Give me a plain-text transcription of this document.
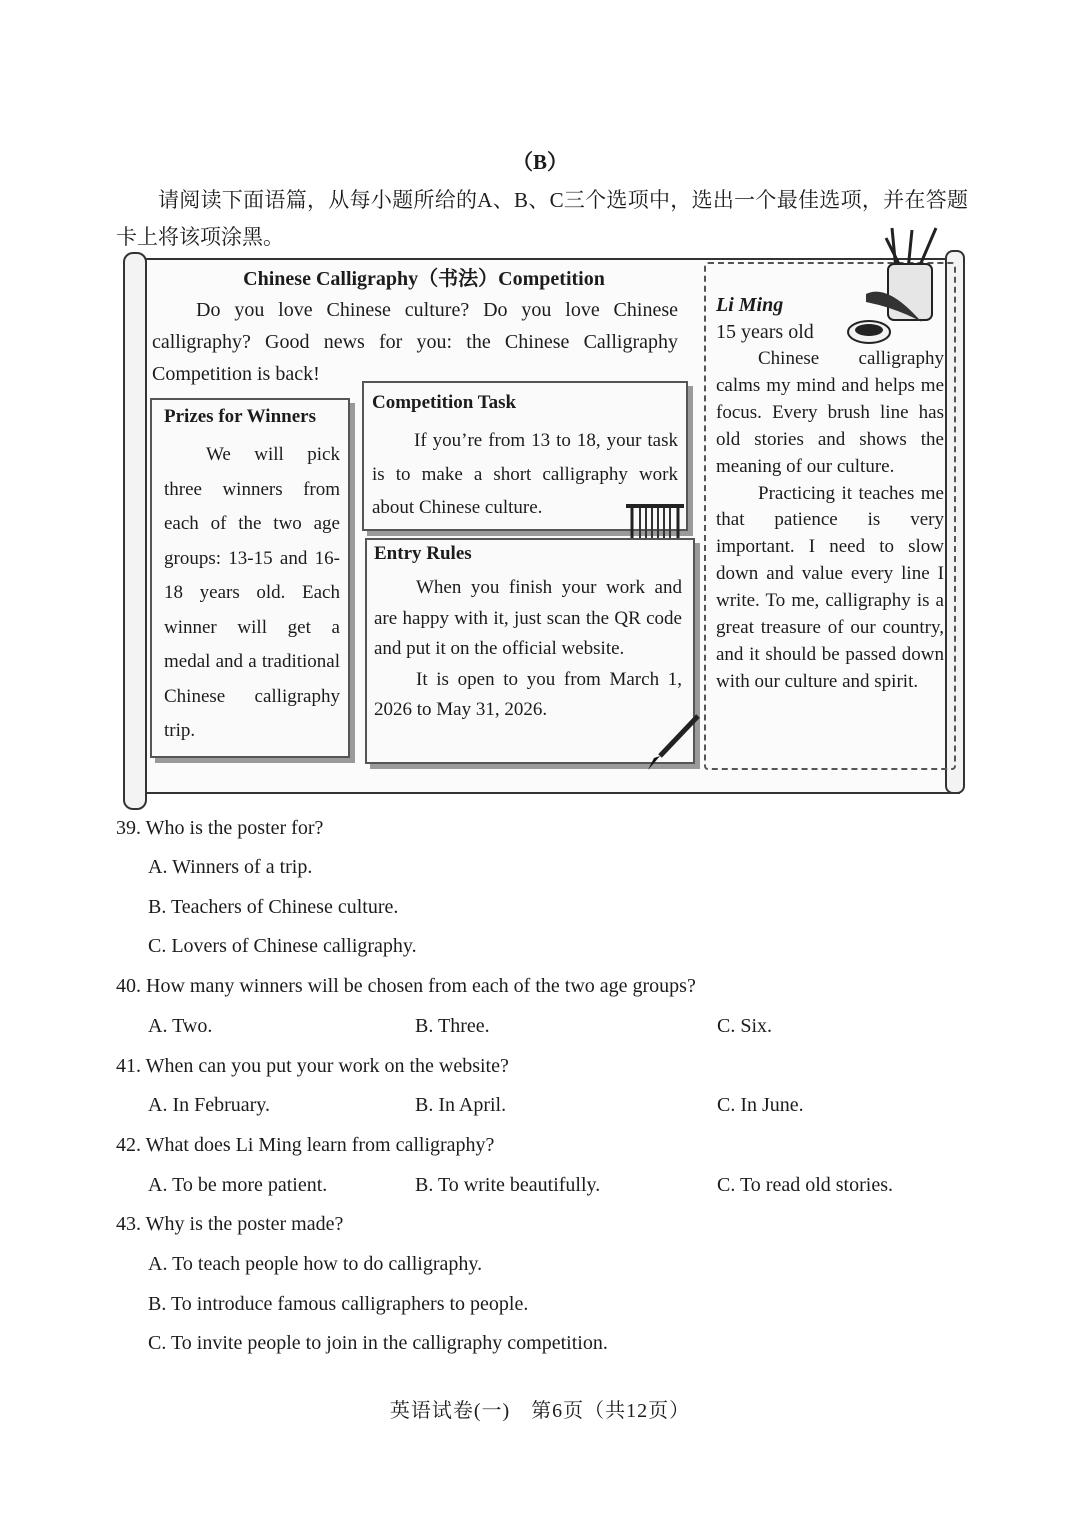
（B）
请阅读下面语篇，从每小题所给的A、B、C三个选项中，选出一个最佳选项，并在答题卡上将该项涂黑。
Chinese Calligraphy（书法）Competition
Do you love Chinese culture? Do you love Chinese calligraphy? Good news for you: the Chinese Calligraphy Competition is back!
Prizes for Winners
We will pick three winners from each of the two age groups: 13-15 and 16-18 years old. Each winner will get a medal and a traditional Chinese calligraphy trip.
Competition Task
If you’re from 13 to 18, your task is to make a short calligraphy work about Chinese culture.
Entry Rules
When you finish your work and are happy with it, just scan the QR code and put it on the official website.
It is open to you from March 1, 2026 to May 31, 2026.
Li Ming
15 years old

Chinese calligraphy calms my mind and helps me focus. Every brush line has old stories and shows the meaning of our culture.

Practicing it teaches me that patience is very important. I need to slow down and value every line I write. To me, calligraphy is a great treasure of our country, and it should be passed down with our culture and spirit.

39. Who is the poster for?
A. Winners of a trip.
B. Teachers of Chinese culture.
C. Lovers of Chinese calligraphy.
40. How many winners will be chosen from each of the two age groups?
A. Two.	B. Three.	C. Six.
41. When can you put your work on the website?
A. In February.	B. In April.	C. In June.
42. What does Li Ming learn from calligraphy?
A. To be more patient.	B. To write beautifully.	C. To read old stories.
43. Why is the poster made?
A. To teach people how to do calligraphy.
B. To introduce famous calligraphers to people.
C. To invite people to join in the calligraphy competition.
英语试卷(一)　第6页（共12页）
